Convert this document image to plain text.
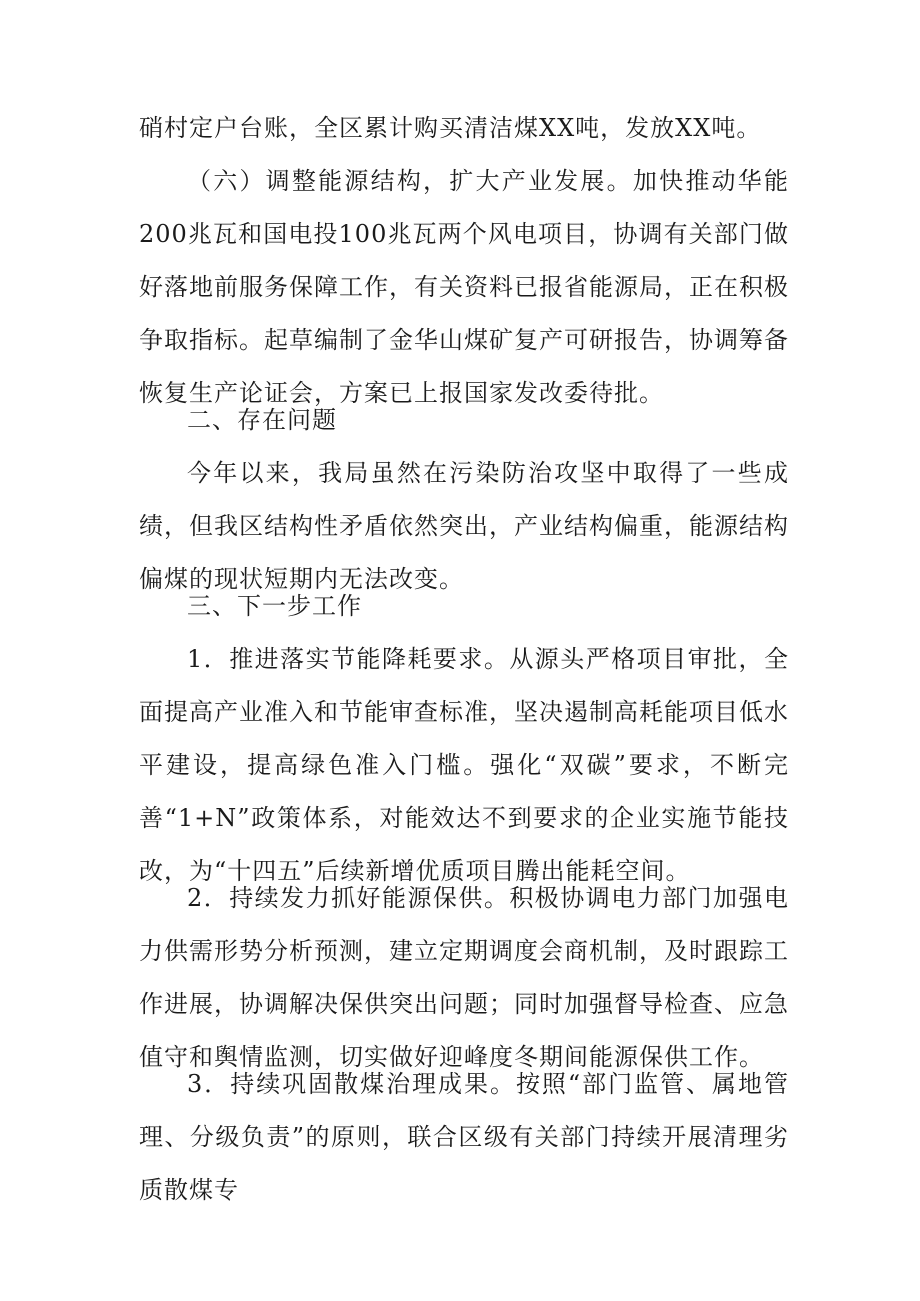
硝村定户台账，全区累计购买清洁煤XX吨，发放XX吨。

（六）调整能源结构，扩大产业发展。加快推动华能200兆瓦和国电投100兆瓦两个风电项目，协调有关部门做好落地前服务保障工作，有关资料已报省能源局，正在积极争取指标。起草编制了金华山煤矿复产可研报告，协调筹备恢复生产论证会，方案已上报国家发改委待批。

二、存在问题

今年以来，我局虽然在污染防治攻坚中取得了一些成绩，但我区结构性矛盾依然突出，产业结构偏重，能源结构偏煤的现状短期内无法改变。

三、下一步工作

1．推进落实节能降耗要求。从源头严格项目审批，全面提高产业准入和节能审查标准，坚决遏制高耗能项目低水平建设，提高绿色准入门槛。强化“双碳”要求，不断完善“1+N”政策体系，对能效达不到要求的企业实施节能技改，为“十四五”后续新增优质项目腾出能耗空间。

2．持续发力抓好能源保供。积极协调电力部门加强电力供需形势分析预测，建立定期调度会商机制，及时跟踪工作进展，协调解决保供突出问题；同时加强督导检查、应急值守和舆情监测，切实做好迎峰度冬期间能源保供工作。

3．持续巩固散煤治理成果。按照“部门监管、属地管理、分级负责”的原则，联合区级有关部门持续开展清理劣质散煤专
